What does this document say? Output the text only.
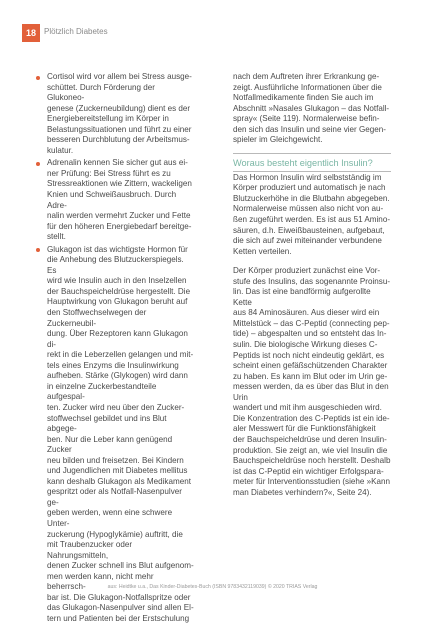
18	Plötzlich Diabetes
Cortisol wird vor allem bei Stress ausge-
schüttet. Durch Förderung der Glukoneo-
genese (Zuckerneubildung) dient es der
Energiebereitstellung im Körper in
Belastungssituationen und führt zu einer
besseren Durchblutung der Arbeitsmus-
kulatur.
Adrenalin kennen Sie sicher gut aus ei-
ner Prüfung: Bei Stress führt es zu
Stressreaktionen wie Zittern, wackeligen
Knien und Schweißausbruch. Durch Adre-
nalin werden vermehrt Zucker und Fette
für den höheren Energiebedarf bereitge-
stellt.
Glukagon ist das wichtigste Hormon für
die Anhebung des Blutzuckerspiegels. Es
wird wie Insulin auch in den Inselzellen
der Bauchspeicheldrüse hergestellt. Die
Hauptwirkung von Glukagon beruht auf
den Stoffwechselwegen der Zuckerneubil-
dung. Über Rezeptoren kann Glukagon di-
rekt in die Leberzellen gelangen und mit-
tels eines Enzyms die Insulinwirkung
aufheben. Stärke (Glykogen) wird dann
in einzelne Zuckerbestandteile aufgespal-
ten. Zucker wird neu über den Zucker-
stoffwechsel gebildet und ins Blut abgege-
ben. Nur die Leber kann genügend Zucker
neu bilden und freisetzen. Bei Kindern
und Jugendlichen mit Diabetes mellitus
kann deshalb Glukagon als Medikament
gespritzt oder als Notfall-Nasenpulver ge-
geben werden, wenn eine schwere Unter-
zuckerung (Hypoglykämie) auftritt, die
mit Traubenzucker oder Nahrungsmitteln,
denen Zucker schnell ins Blut aufgenom-
men werden kann, nicht mehr beherrsch-
bar ist. Die Glukagon-Notfallspritze oder
das Glukagon-Nasenpulver sind allen El-
tern und Patienten bei der Erstschulung

nach dem Auftreten ihrer Erkrankung ge-
zeigt. Ausführliche Informationen über die
Notfallmedikamente finden Sie auch im
Abschnitt »Nasales Glukagon – das Notfall-
spray« (Seite 119). Normalerweise befin-
den sich das Insulin und seine vier Gegen-
spieler im Gleichgewicht.

Woraus besteht eigentlich Insulin?

Das Hormon Insulin wird selbstständig im
Körper produziert und automatisch je nach
Blutzuckerhöhe in die Blutbahn abgegeben.
Normalerweise müssen also nicht von au-
ßen zugeführt werden. Es ist aus 51 Amino-
säuren, d.h. Eiweißbausteinen, aufgebaut,
die sich auf zwei miteinander verbundene
Ketten verteilen.

Der Körper produziert zunächst eine Vor-
stufe des Insulins, das sogenannte Proinsu-
lin. Das ist eine bandförmig aufgerollte Kette
aus 84 Aminosäuren. Aus dieser wird ein
Mittelstück – das C-Peptid (connecting pep-
tide) – abgespalten und so entsteht das In-
sulin. Die biologische Wirkung dieses C-
Peptids ist noch nicht eindeutig geklärt, es
scheint einen gefäßschützenden Charakter
zu haben. Es kann im Blut oder im Urin ge-
messen werden, da es über das Blut in den Urin
wandert und mit ihm ausgeschieden wird.
Die Konzentration des C-Peptids ist ein ide-
aler Messwert für die Funktionsfähigkeit
der Bauchspeicheldrüse und deren Insulin-
produktion. Sie zeigt an, wie viel Insulin die
Bauchspeicheldrüse noch herstellt. Deshalb
ist das C-Peptid ein wichtiger Erfolgspara-
meter für Interventionsstudien (siehe »Kann
man Diabetes verhindern?«, Seite 24).

aus: Heidtke u.a., Das Kinder-Diabetes-Buch (ISBN 9783432119039) © 2020 TRIAS Verlag
